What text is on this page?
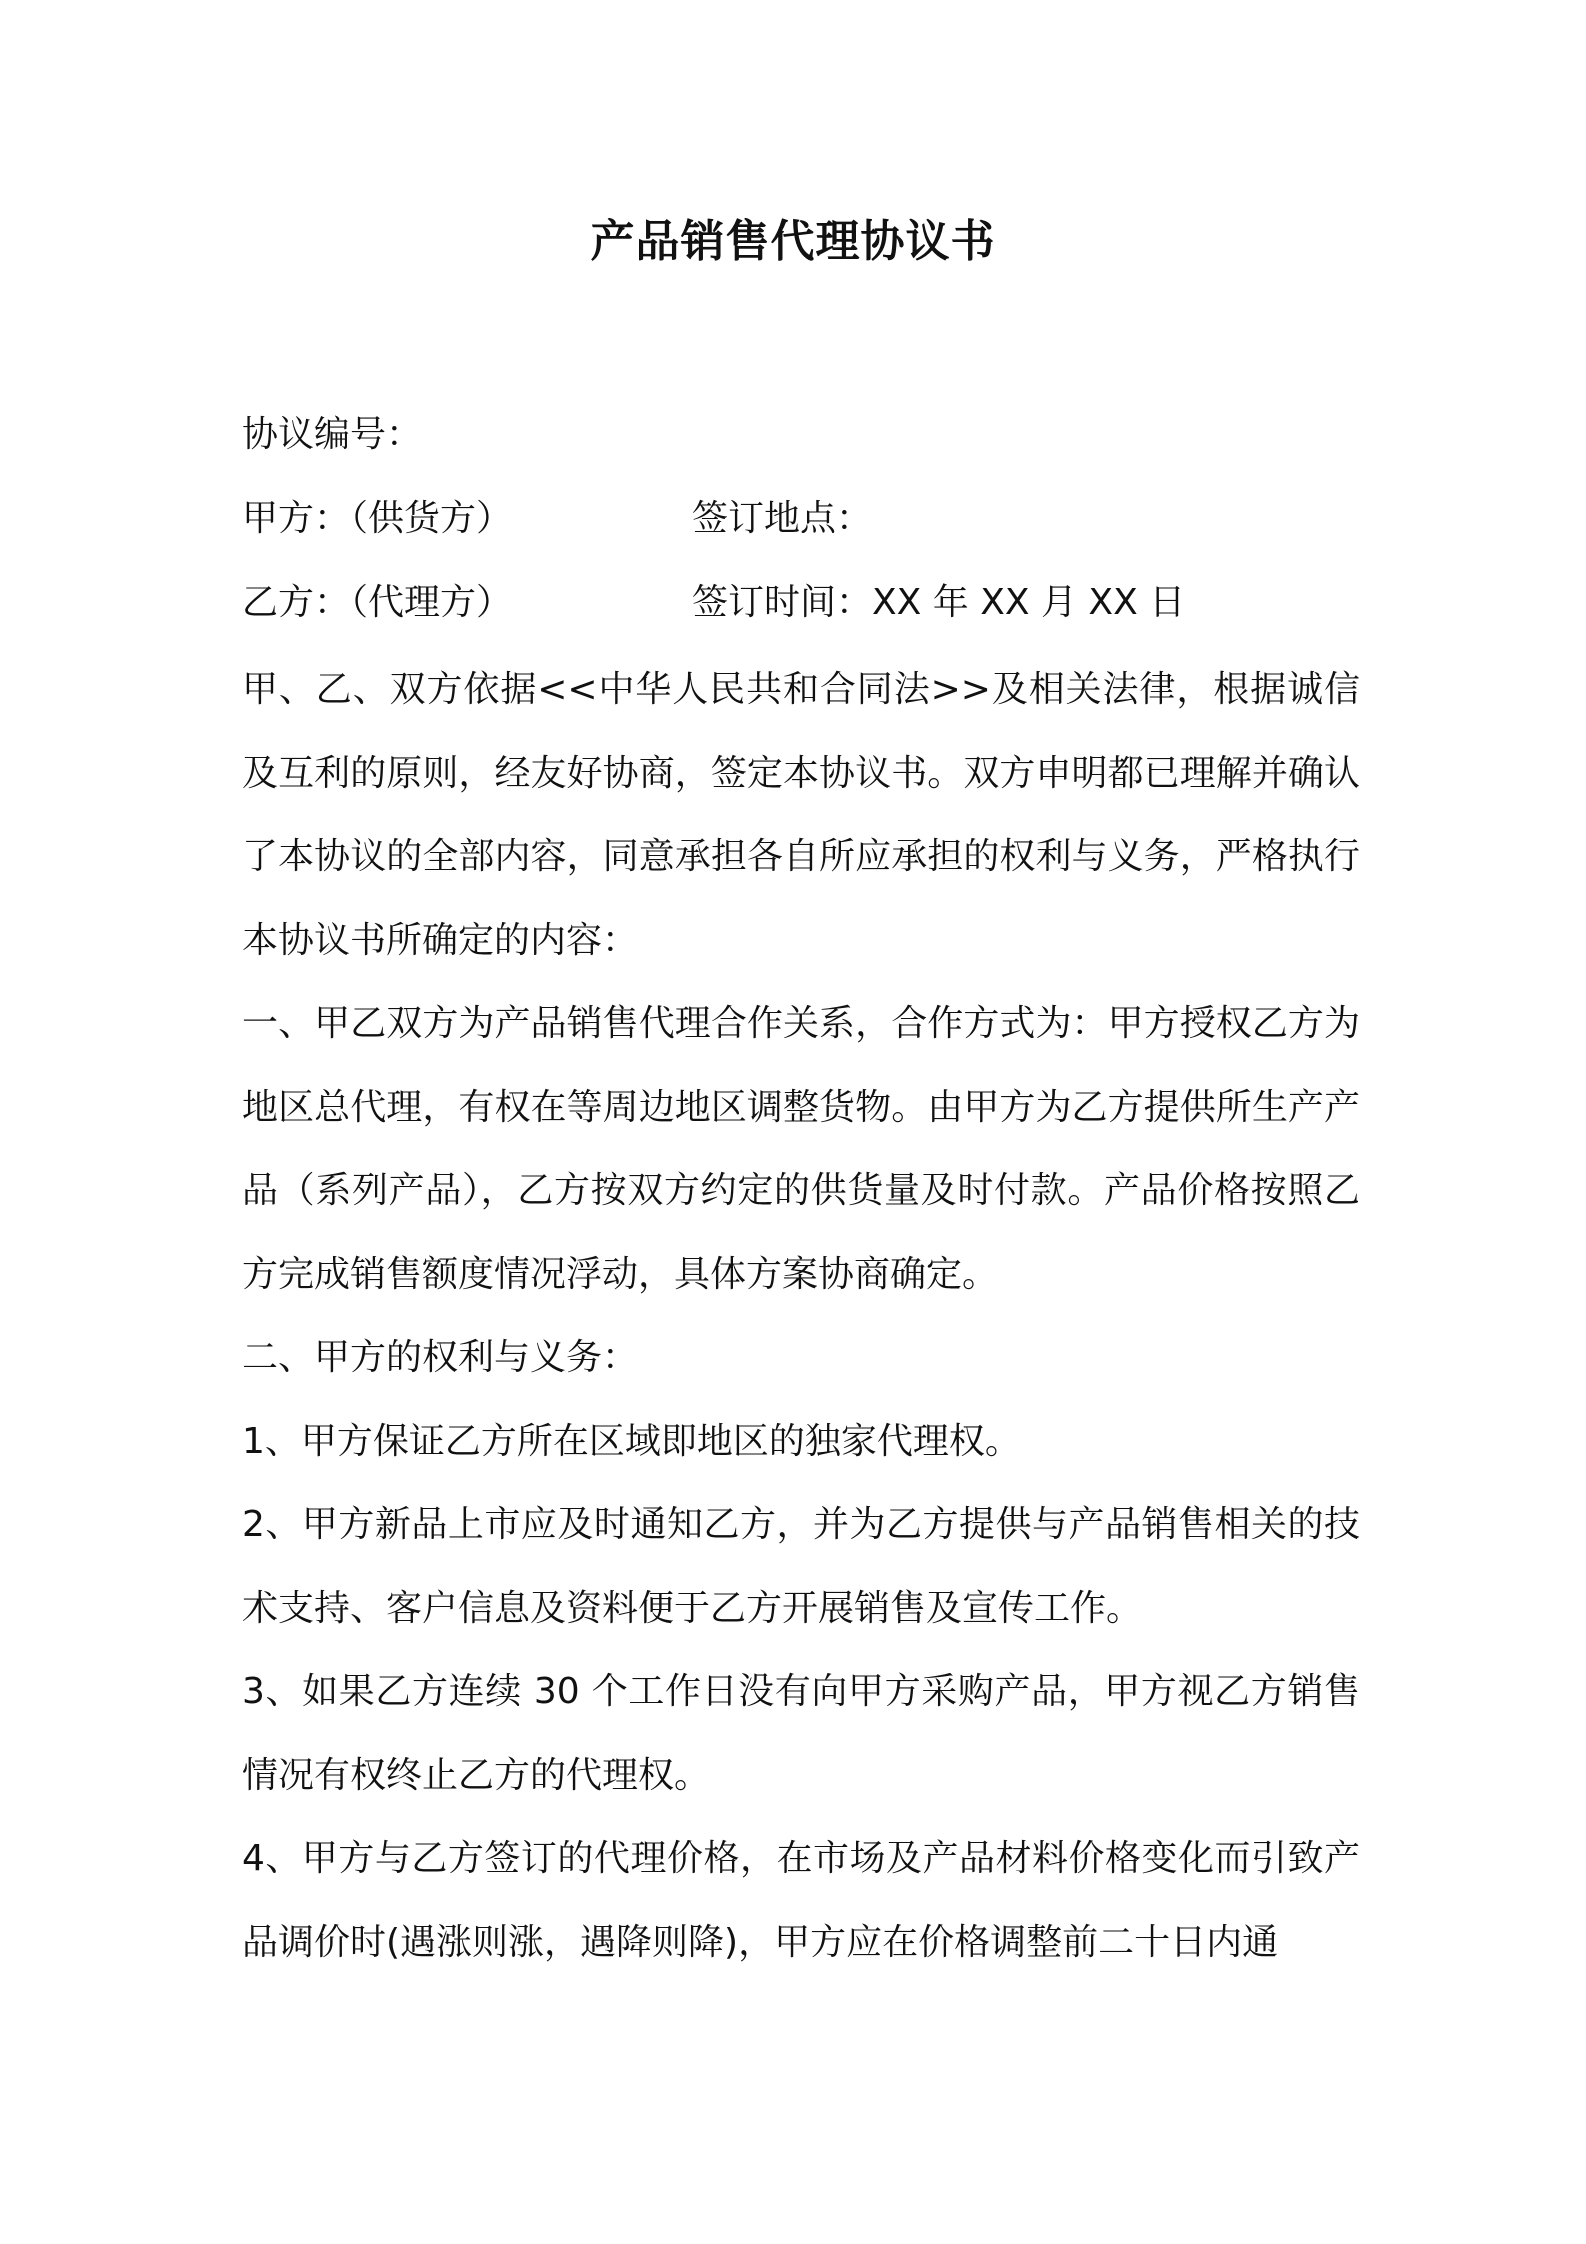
产品销售代理协议书
协议编号：
甲方：（供货方）	签订地点：
乙方：（代理方）	签订时间：XX 年 XX 月 XX 日

甲、乙、双方依据<<中华人民共和合同法>>及相关法律，根据诚信及互利的原则，经友好协商，签定本协议书。双方申明都已理解并确认了本协议的全部内容，同意承担各自所应承担的权利与义务，严格执行本协议书所确定的内容：

一、甲乙双方为产品销售代理合作关系，合作方式为：甲方授权乙方为地区总代理，有权在等周边地区调整货物。由甲方为乙方提供所生产产品（系列产品），乙方按双方约定的供货量及时付款。产品价格按照乙方完成销售额度情况浮动，具体方案协商确定。

二、甲方的权利与义务：

1、甲方保证乙方所在区域即地区的独家代理权。

2、甲方新品上市应及时通知乙方，并为乙方提供与产品销售相关的技术支持、客户信息及资料便于乙方开展销售及宣传工作。

3、如果乙方连续 30 个工作日没有向甲方采购产品，甲方视乙方销售情况有权终止乙方的代理权。

4、甲方与乙方签订的代理价格，在市场及产品材料价格变化而引致产品调价时(遇涨则涨，遇降则降)，甲方应在价格调整前二十日内通
